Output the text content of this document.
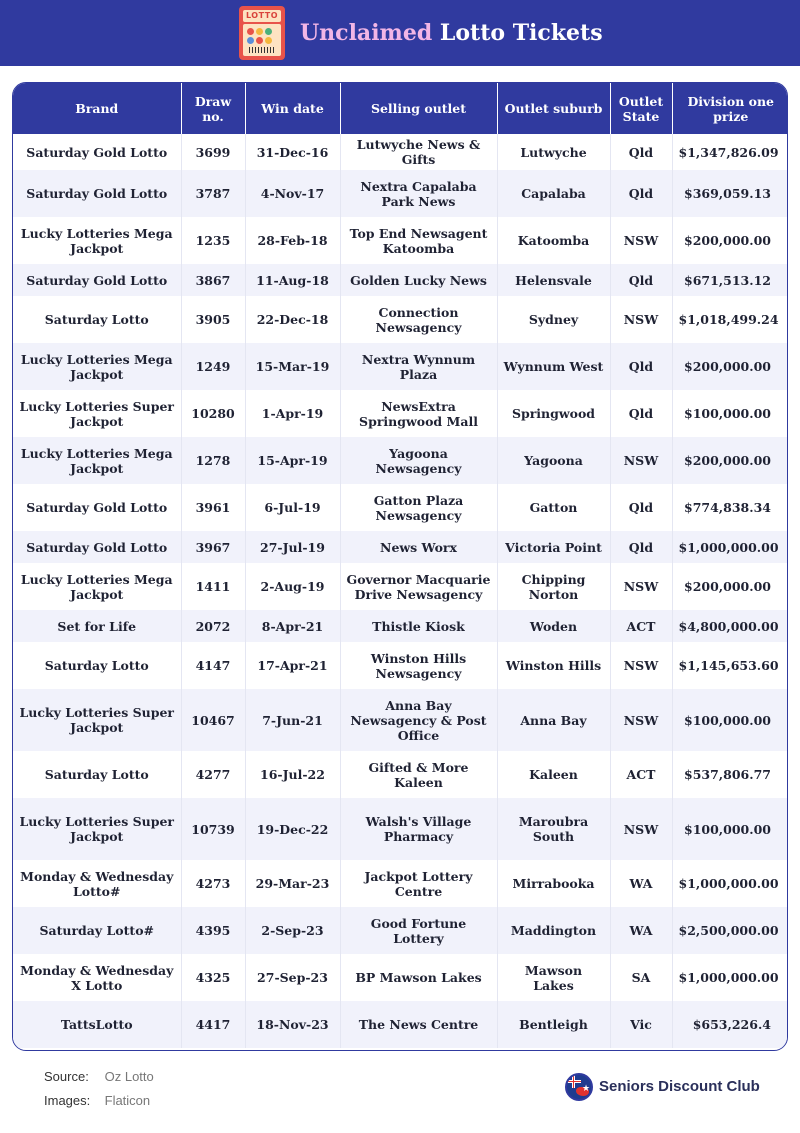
LOTTO
Unclaimed Lotto Tickets
Brand	Draw no.	Win date	Selling outlet	Outlet suburb	Outlet State	Division one prize
Saturday Gold Lotto	3699	31-Dec-16	Lutwyche News & Gifts	Lutwyche	Qld	$1,347,826.09
Saturday Gold Lotto	3787	4-Nov-17	Nextra Capalaba Park News	Capalaba	Qld	$369,059.13
Lucky Lotteries Mega Jackpot	1235	28-Feb-18	Top End Newsagent Katoomba	Katoomba	NSW	$200,000.00
Saturday Gold Lotto	3867	11-Aug-18	Golden Lucky News	Helensvale	Qld	$671,513.12
Saturday Lotto	3905	22-Dec-18	Connection Newsagency	Sydney	NSW	$1,018,499.24
Lucky Lotteries Mega Jackpot	1249	15-Mar-19	Nextra Wynnum Plaza	Wynnum West	Qld	$200,000.00
Lucky Lotteries Super Jackpot	10280	1-Apr-19	NewsExtra Springwood Mall	Springwood	Qld	$100,000.00
Lucky Lotteries Mega Jackpot	1278	15-Apr-19	Yagoona Newsagency	Yagoona	NSW	$200,000.00
Saturday Gold Lotto	3961	6-Jul-19	Gatton Plaza Newsagency	Gatton	Qld	$774,838.34
Saturday Gold Lotto	3967	27-Jul-19	News Worx	Victoria Point	Qld	$1,000,000.00
Lucky Lotteries Mega Jackpot	1411	2-Aug-19	Governor Macquarie Drive Newsagency	Chipping Norton	NSW	$200,000.00
Set for Life	2072	8-Apr-21	Thistle Kiosk	Woden	ACT	$4,800,000.00
Saturday Lotto	4147	17-Apr-21	Winston Hills Newsagency	Winston Hills	NSW	$1,145,653.60
Lucky Lotteries Super Jackpot	10467	7-Jun-21	Anna Bay Newsagency & Post Office	Anna Bay	NSW	$100,000.00
Saturday Lotto	4277	16-Jul-22	Gifted & More Kaleen	Kaleen	ACT	$537,806.77
Lucky Lotteries Super Jackpot	10739	19-Dec-22	Walsh's Village Pharmacy	Maroubra South	NSW	$100,000.00
Monday & Wednesday Lotto#	4273	29-Mar-23	Jackpot Lottery Centre	Mirrabooka	WA	$1,000,000.00
Saturday Lotto#	4395	2-Sep-23	Good Fortune Lottery	Maddington	WA	$2,500,000.00
Monday & Wednesday X Lotto	4325	27-Sep-23	BP Mawson Lakes	Mawson Lakes	SA	$1,000,000.00
TattsLotto	4417	18-Nov-23	The News Centre	Bentleigh	Vic	$653,226.4
Source: Oz Lotto
Images: Flaticon
★ Seniors Discount Club
